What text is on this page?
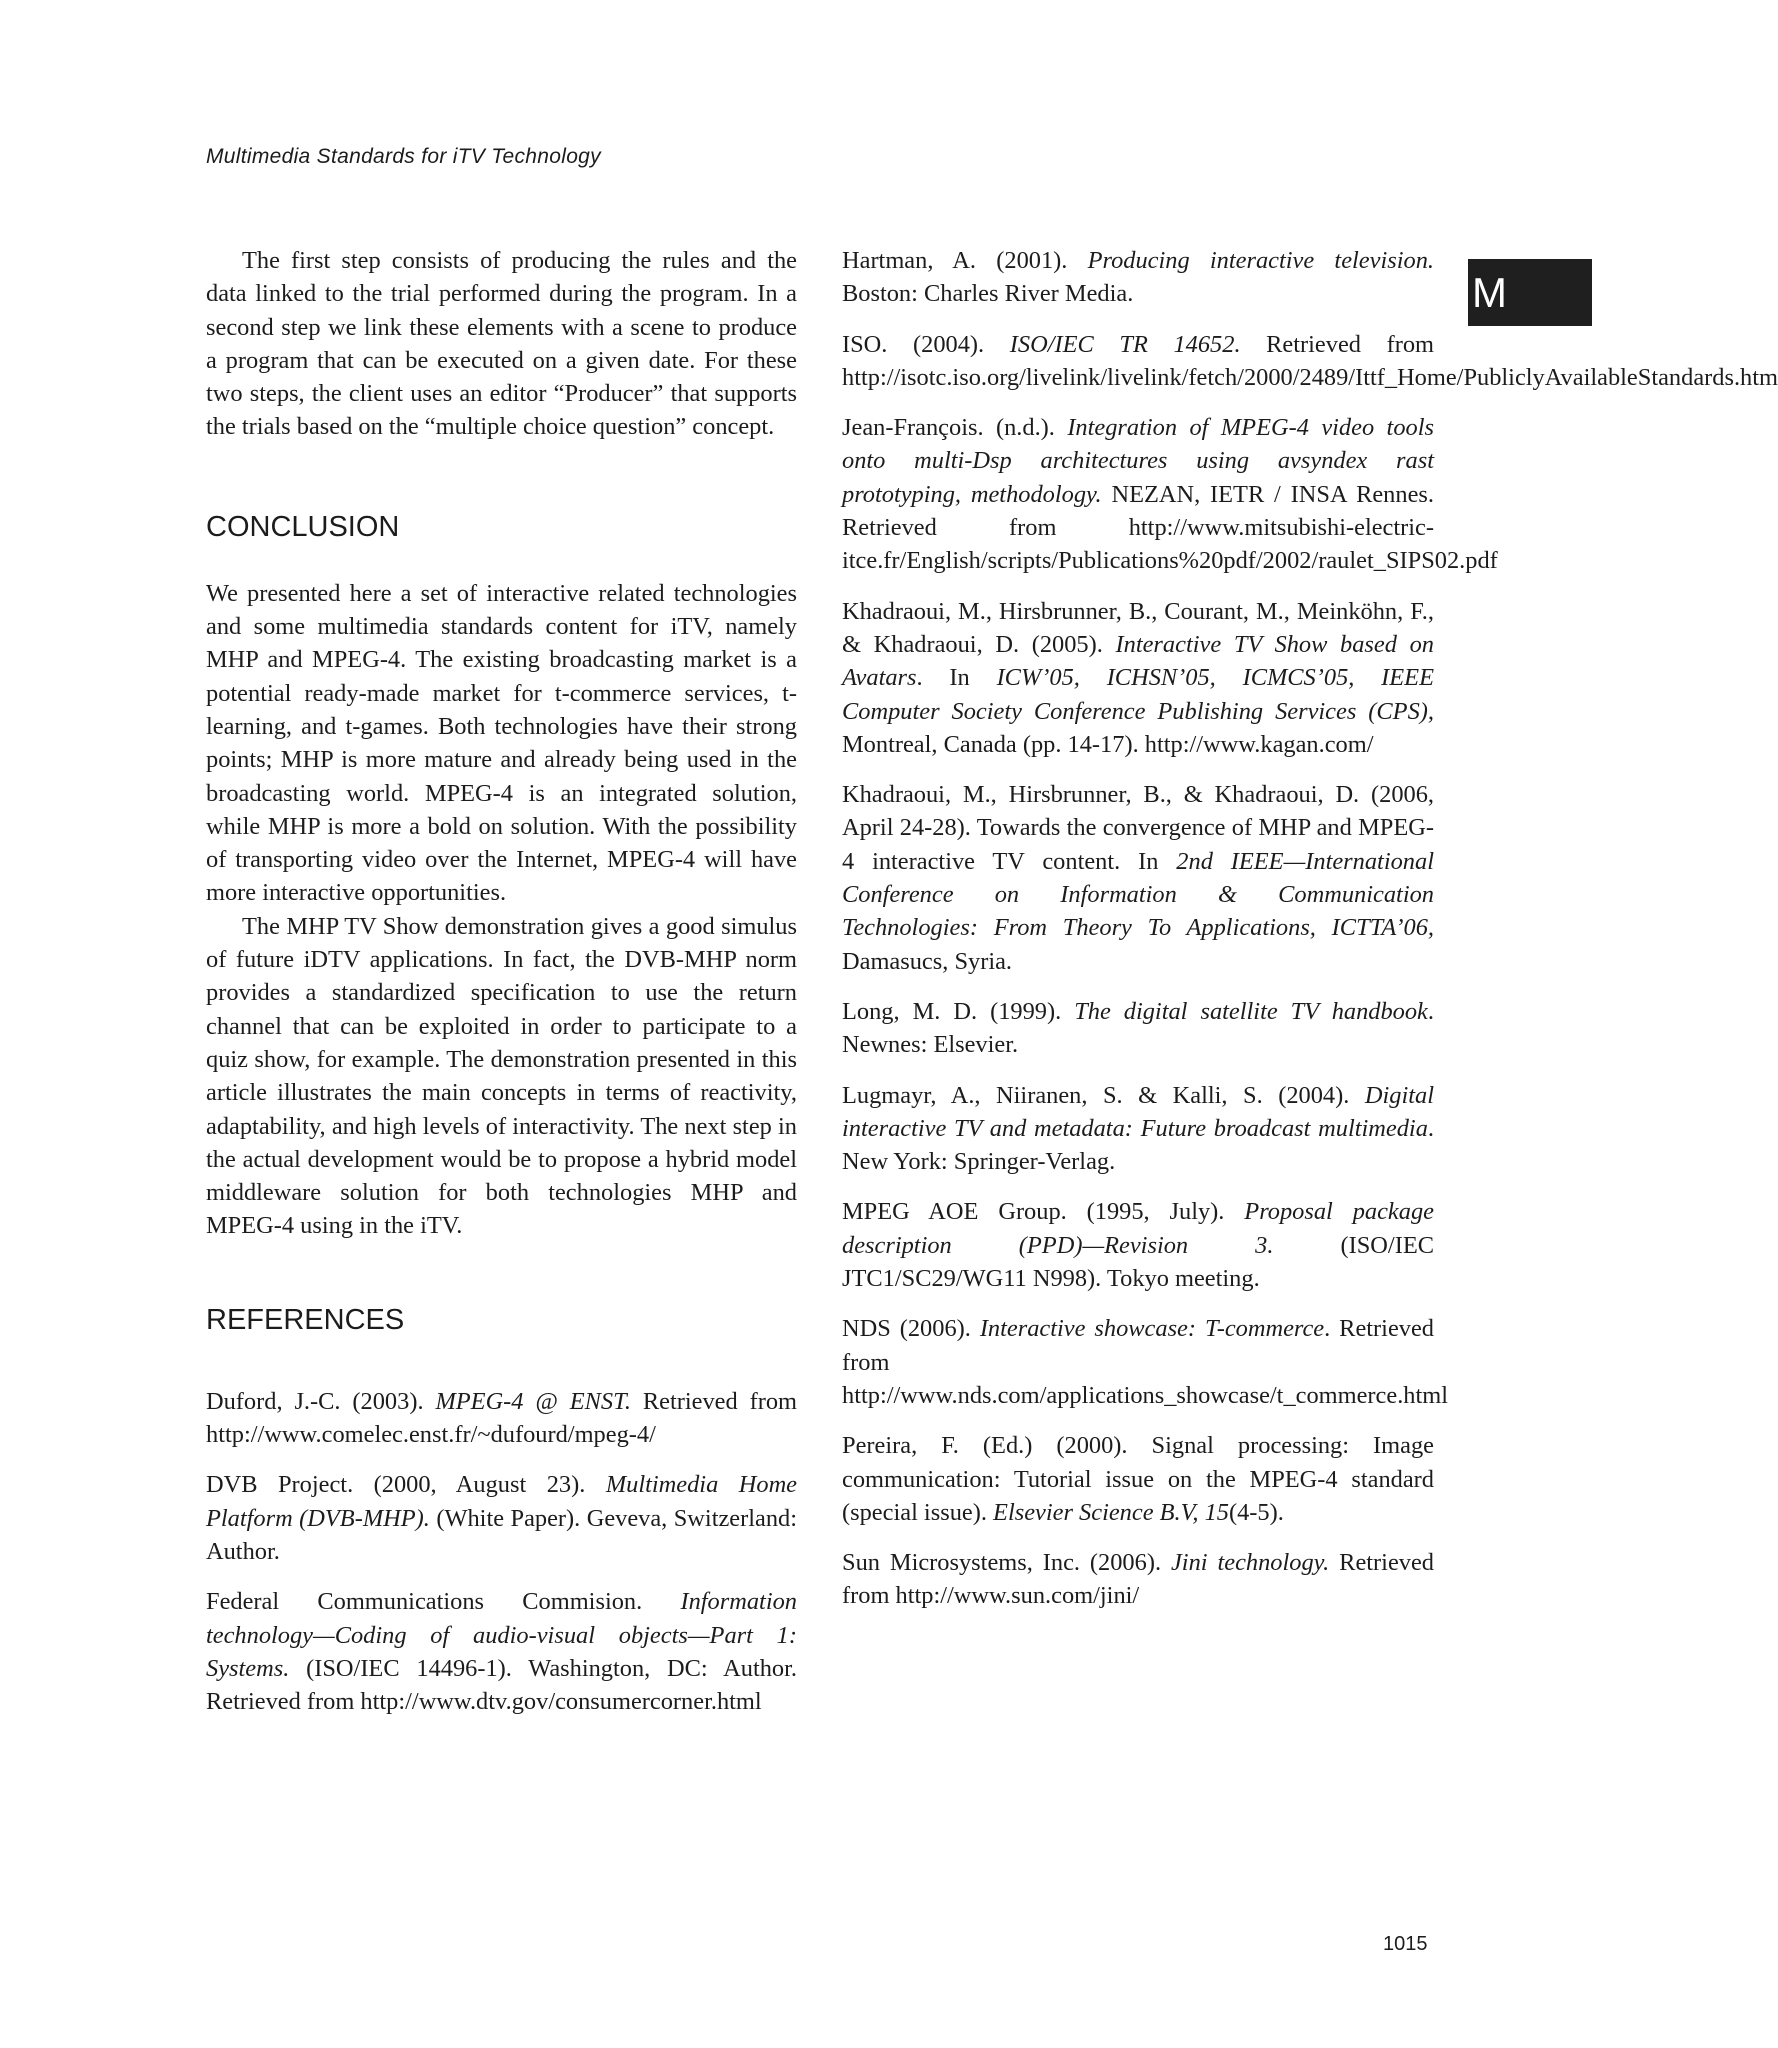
Multimedia Standards for iTV Technology
M

The first step consists of producing the rules and the data linked to the trial performed during the program. In a second step we link these elements with a scene to produce a program that can be executed on a given date. For these two steps, the client uses an editor “Producer” that supports the trials based on the “multiple choice question” concept.

CONCLUSION

We presented here a set of interactive related technologies and some multimedia standards content for iTV, namely MHP and MPEG-4. The existing broadcasting market is a potential ready-made market for t-commerce services, t-learning, and t-games. Both technologies have their strong points; MHP is more mature and already being used in the broadcasting world. MPEG-4 is an integrated solution, while MHP is more a bold on solution. With the possibility of transporting video over the Internet, MPEG-4 will have more interactive opportunities.

The MHP TV Show demonstration gives a good simulus of future iDTV applications. In fact, the DVB-MHP norm provides a standardized specification to use the return channel that can be exploited in order to participate to a quiz show, for example. The demonstration presented in this article illustrates the main concepts in terms of reactivity, adaptability, and high levels of interactivity. The next step in the actual development would be to propose a hybrid model middleware solution for both technologies MHP and MPEG-4 using in the iTV.

REFERENCES

Duford, J.-C. (2003). MPEG-4 @ ENST. Retrieved from http://www.comelec.enst.fr/~dufourd/mpeg-4/

DVB Project. (2000, August 23). Multimedia Home Platform (DVB-MHP). (White Paper). Geveva, Switzerland: Author.

Federal Communications Commision. Information technology—Coding of audio-visual objects—Part 1: Systems. (ISO/IEC 14496-1). Washington, DC: Author. Retrieved from http://www.dtv.gov/consumercorner.html

Hartman, A. (2001). Producing interactive television. Boston: Charles River Media.

ISO. (2004). ISO/IEC TR 14652. Retrieved from http://isotc.iso.org/livelink/livelink/fetch/2000/2489/Ittf_Home/PubliclyAvailableStandards.htm

Jean-François. (n.d.). Integration of MPEG-4 video tools onto multi-Dsp architectures using avsyndex rast prototyping, methodology. NEZAN, IETR / INSA Rennes. Retrieved from http://www.mitsubishi-electric-itce.fr/English/scripts/Publications%20pdf/2002/raulet_SIPS02.pdf

Khadraoui, M., Hirsbrunner, B., Courant, M., Meinköhn, F., & Khadraoui, D. (2005). Interactive TV Show based on Avatars. In ICW’05, ICHSN’05, ICMCS’05, IEEE Computer Society Conference Publishing Services (CPS), Montreal, Canada (pp. 14-17). http://www.kagan.com/

Khadraoui, M., Hirsbrunner, B., & Khadraoui, D. (2006, April 24-28). Towards the convergence of MHP and MPEG-4 interactive TV content. In 2nd IEEE—International Conference on Information & Communication Technologies: From Theory To Applications, ICTTA’06, Damasucs, Syria.

Long, M. D. (1999). The digital satellite TV handbook. Newnes: Elsevier.

Lugmayr, A., Niiranen, S. & Kalli, S. (2004). Digital interactive TV and metadata: Future broadcast multimedia. New York: Springer-Verlag.

MPEG AOE Group. (1995, July). Proposal package description (PPD)—Revision 3. (ISO/IEC JTC1/SC29/WG11 N998). Tokyo meeting.

NDS (2006). Interactive showcase: T-commerce. Retrieved from http://www.nds.com/applications_showcase/t_commerce.html

Pereira, F. (Ed.) (2000). Signal processing: Image communication: Tutorial issue on the MPEG-4 standard (special issue). Elsevier Science B.V, 15(4-5).

Sun Microsystems, Inc. (2006). Jini technology. Retrieved from http://www.sun.com/jini/

1015
